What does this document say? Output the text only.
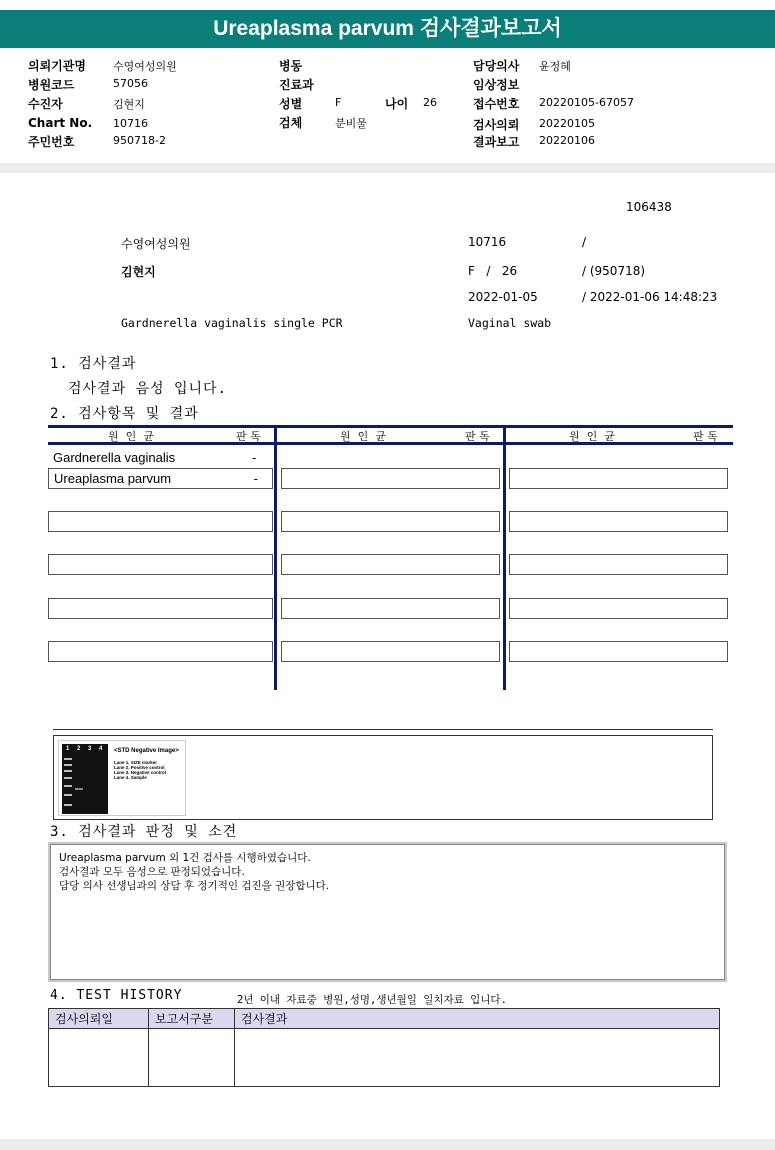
Ureaplasma parvum 검사결과보고서
의뢰기관명 수영여성의원
병원코드	57056
수진자	김현지
Chart No. 10716
주민번호	950718-2
병동
진료과
성별	F	나이 26
검체	분비물
담당의사 윤정혜
임상정보
접수번호 20220105-67057
검사의뢰 20220105
결과보고 20220106
106438
수영여성의원	10716	/
김현지	F   /   26	/ (950718)
2022-01-05	/ 2022-01-06 14:48:23
Gardnerella vaginalis single PCR	Vaginal swab
1. 검사결과
검사결과 음성 입니다.
2. 검사항목 및 결과
원  인  균	판 독	원  인  균	판 독	원  인  균	판 독
Gardnerella vaginalis	-
Ureaplasma parvum	-
1 2 3 4 <STD Negative Image>
Lane 1. SIZE marker
Lane 2. Positive control
Lane 3. Negative control
Lane 4. Sample
3. 검사결과 판정 및 소견
Ureaplasma parvum 외 1건 검사를 시행하였습니다.
검사결과 모두 음성으로 판정되었습니다.
담당 의사 선생님과의 상담 후 정기적인 검진을 권장합니다.
4. TEST HISTORY	2년 이내 자료중 병원,성명,생년월일 일치자료 입니다.
검사의뢰일	보고서구분	검사결과
